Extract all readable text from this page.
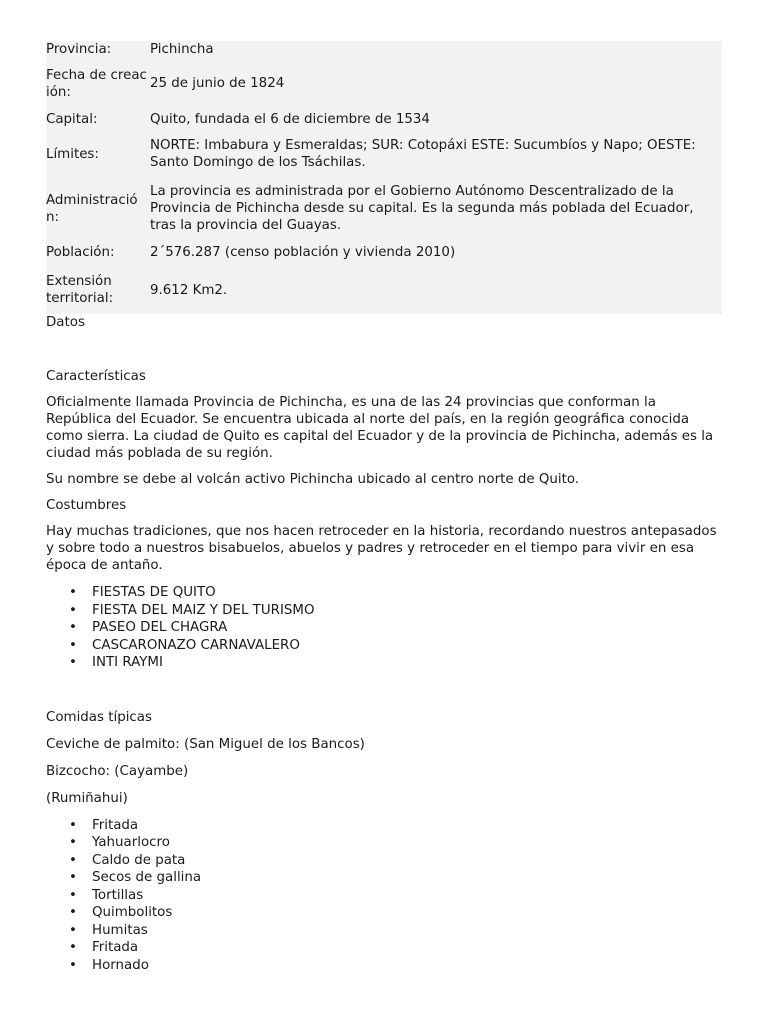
Provincia:	Pichincha
Fecha de creación:	25 de junio de 1824
Capital:	Quito, fundada el 6 de diciembre de 1534
Límites:	NORTE: Imbabura y Esmeraldas; SUR: Cotopáxi ESTE: Sucumbíos y Napo; OESTE: Santo Domingo de los Tsáchilas.
Administración:	La provincia es administrada por el Gobierno Autónomo Descentralizado de la Provincia de Pichincha desde su capital. Es la segunda más poblada del Ecuador, tras la provincia del Guayas.
Población:	2´576.287 (censo población y vivienda 2010)
Extensión territorial:	9.612 Km2.

Datos

Características

Oficialmente llamada Provincia de Pichincha, es una de las 24 provincias que conforman la República del Ecuador. Se encuentra ubicada al norte del país, en la región geográfica conocida como sierra. La ciudad de Quito es capital del Ecuador y de la provincia de Pichincha, además es la ciudad más poblada de su región.

Su nombre se debe al volcán activo Pichincha ubicado al centro norte de Quito.

Costumbres

Hay muchas tradiciones, que nos hacen retroceder en la historia, recordando nuestros antepasados y sobre todo a nuestros bisabuelos, abuelos y padres y retroceder en el tiempo para vivir en esa época de antaño.

• FIESTAS DE QUITO
• FIESTA DEL MAIZ Y DEL TURISMO
• PASEO DEL CHAGRA
• CASCARONAZO CARNAVALERO
• INTI RAYMI

Comidas típicas

Ceviche de palmito: (San Miguel de los Bancos)

Bizcocho: (Cayambe)

(Rumiñahui)

• Fritada
• Yahuarlocro
• Caldo de pata
• Secos de gallina
• Tortillas
• Quimbolitos
• Humitas
• Fritada
• Hornado
